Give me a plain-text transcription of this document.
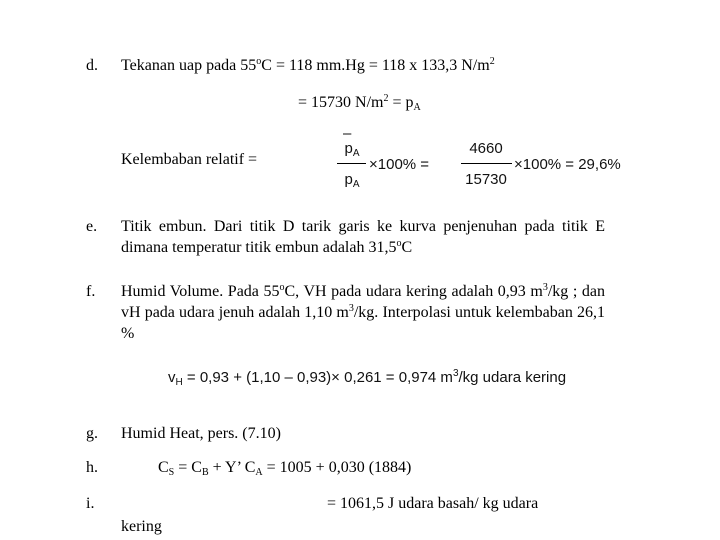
d. Tekanan uap pada $55^oC = 118$ mm.Hg = 118 x 133,3 $N/m^2$
= 15730 $N/m^2 = p_A$
Kelembaban relatif =
–
$p_A$
$p_A$
×100% =
4660
15730
×100% = 29,6%
e. Titik embun. Dari titik D tarik garis ke kurva penjenuhan pada titik E dimana temperatur titik embun adalah 31,5$^o$C
f. Humid Volume. Pada 55$^o$C, VH pada udara kering adalah 0,93 $m^3/kg$ ; dan vH pada udara jenuh adalah 1,10 $m^3/kg$. Interpolasi untuk kelembaban 26,1 %
$v_H = 0,93 + (1,10 - 0,93)\times 0,261 = 0,974$ $m^3/kg$ udara kering
g. Humid Heat, pers. (7.10)
h.	$C_S = C_B + Y$’ $C_A = 1005 + 0,030$ (1884)
i.	= 1061,5 J udara basah/ kg udara
kering
